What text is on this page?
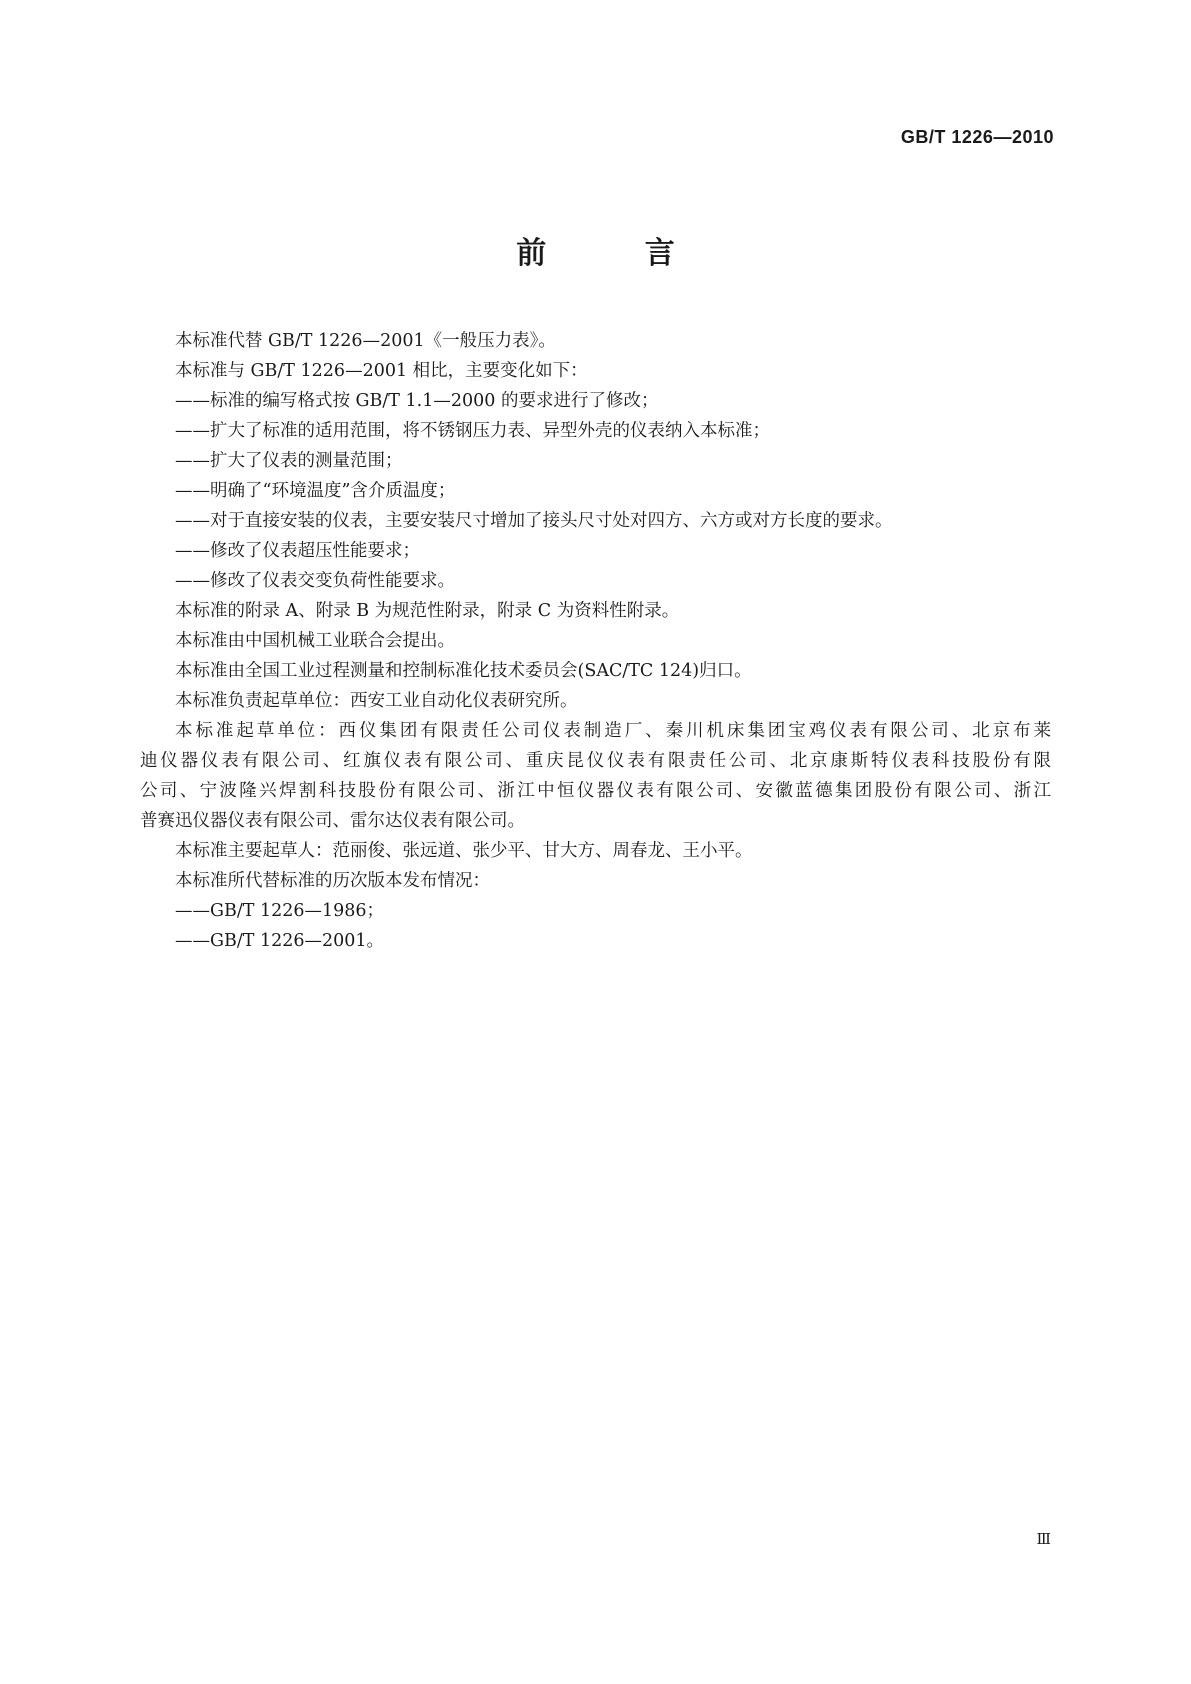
GB/T 1226—2010
前 言

本标准代替 GB/T 1226—2001《一般压力表》。

本标准与 GB/T 1226—2001 相比，主要变化如下：

——标准的编写格式按 GB/T 1.1—2000 的要求进行了修改；

——扩大了标准的适用范围，将不锈钢压力表、异型外壳的仪表纳入本标准；

——扩大了仪表的测量范围；

——明确了“环境温度”含介质温度；

——对于直接安装的仪表，主要安装尺寸增加了接头尺寸处对四方、六方或对方长度的要求。

——修改了仪表超压性能要求；

——修改了仪表交变负荷性能要求。

本标准的附录 A、附录 B 为规范性附录，附录 C 为资料性附录。

本标准由中国机械工业联合会提出。

本标准由全国工业过程测量和控制标准化技术委员会(SAC/TC 124)归口。

本标准负责起草单位：西安工业自动化仪表研究所。

本标准起草单位：西仪集团有限责任公司仪表制造厂、秦川机床集团宝鸡仪表有限公司、北京布莱
迪仪器仪表有限公司、红旗仪表有限公司、重庆昆仪仪表有限责任公司、北京康斯特仪表科技股份有限
公司、宁波隆兴焊割科技股份有限公司、浙江中恒仪器仪表有限公司、安徽蓝德集团股份有限公司、浙江
普赛迅仪器仪表有限公司、雷尔达仪表有限公司。

本标准主要起草人：范丽俊、张远道、张少平、甘大方、周春龙、王小平。

本标准所代替标准的历次版本发布情况：

——GB/T 1226—1986；

——GB/T 1226—2001。

Ⅲ
